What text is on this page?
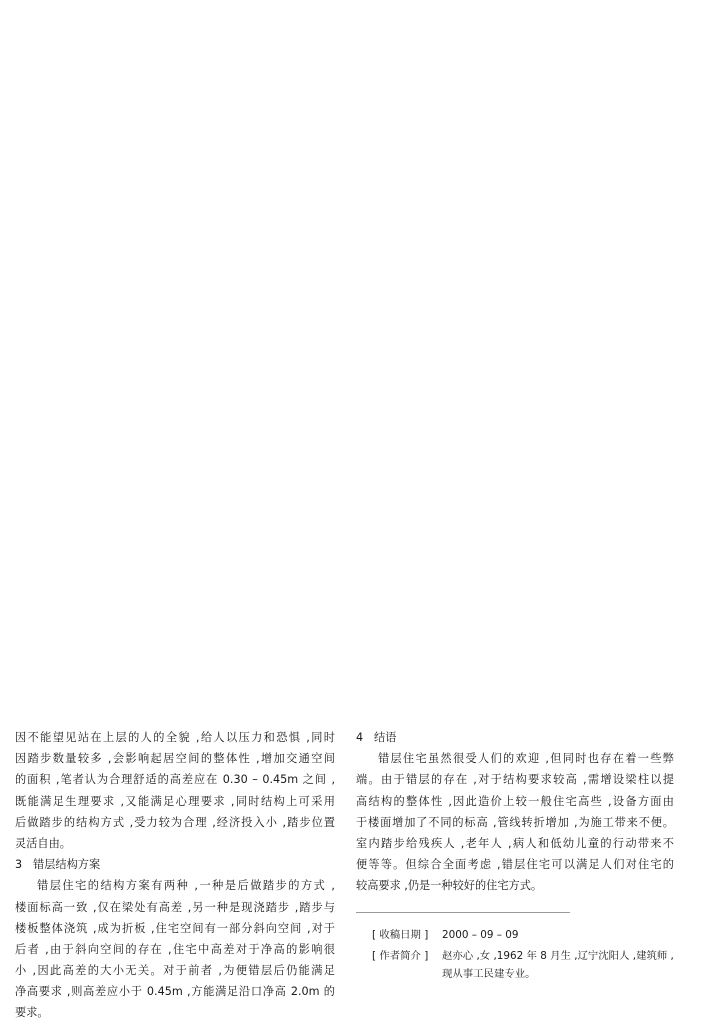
因不能望见站在上层的人的全貌 ,给人以压力和恐惧 ,同时
因踏步数量较多 ,会影响起居空间的整体性 ,增加交通空间
的面积 ,笔者认为合理舒适的高差应在 0.30 – 0.45m 之间 ,
既能满足生理要求 ,又能满足心理要求 ,同时结构上可采用
后做踏步的结构方式 ,受力较为合理 ,经济投入小 ,踏步位置
灵活自由。
3 错层结构方案
错层住宅的结构方案有两种 ,一种是后做踏步的方式 ,
楼面标高一致 ,仅在梁处有高差 ,另一种是现浇踏步 ,踏步与
楼板整体浇筑 ,成为折板 ,住宅空间有一部分斜向空间 ,对于
后者 ,由于斜向空间的存在 ,住宅中高差对于净高的影响很
小 ,因此高差的大小无关。对于前者 ,为便错层后仍能满足
净高要求 ,则高差应小于 0.45m ,方能满足沿口净高 2.0m 的
要求。
4 结语
错层住宅虽然很受人们的欢迎 ,但同时也存在着一些弊
端。由于错层的存在 ,对于结构要求较高 ,需增设梁柱以提
高结构的整体性 ,因此造价上较一般住宅高些 ,设备方面由
于楼面增加了不同的标高 ,管线转折增加 ,为施工带来不便。
室内踏步给残疾人 ,老年人 ,病人和低幼儿童的行动带来不
便等等。但综合全面考虑 ,错层住宅可以满足人们对住宅的
较高要求 ,仍是一种较好的住宅方式。
[ 收稿日期 ]	2000 – 09 – 09
[ 作者简介 ]	赵亦心 ,女 ,1962 年 8 月生 ,辽宁沈阳人 ,建筑师 ,
现从事工民建专业。
